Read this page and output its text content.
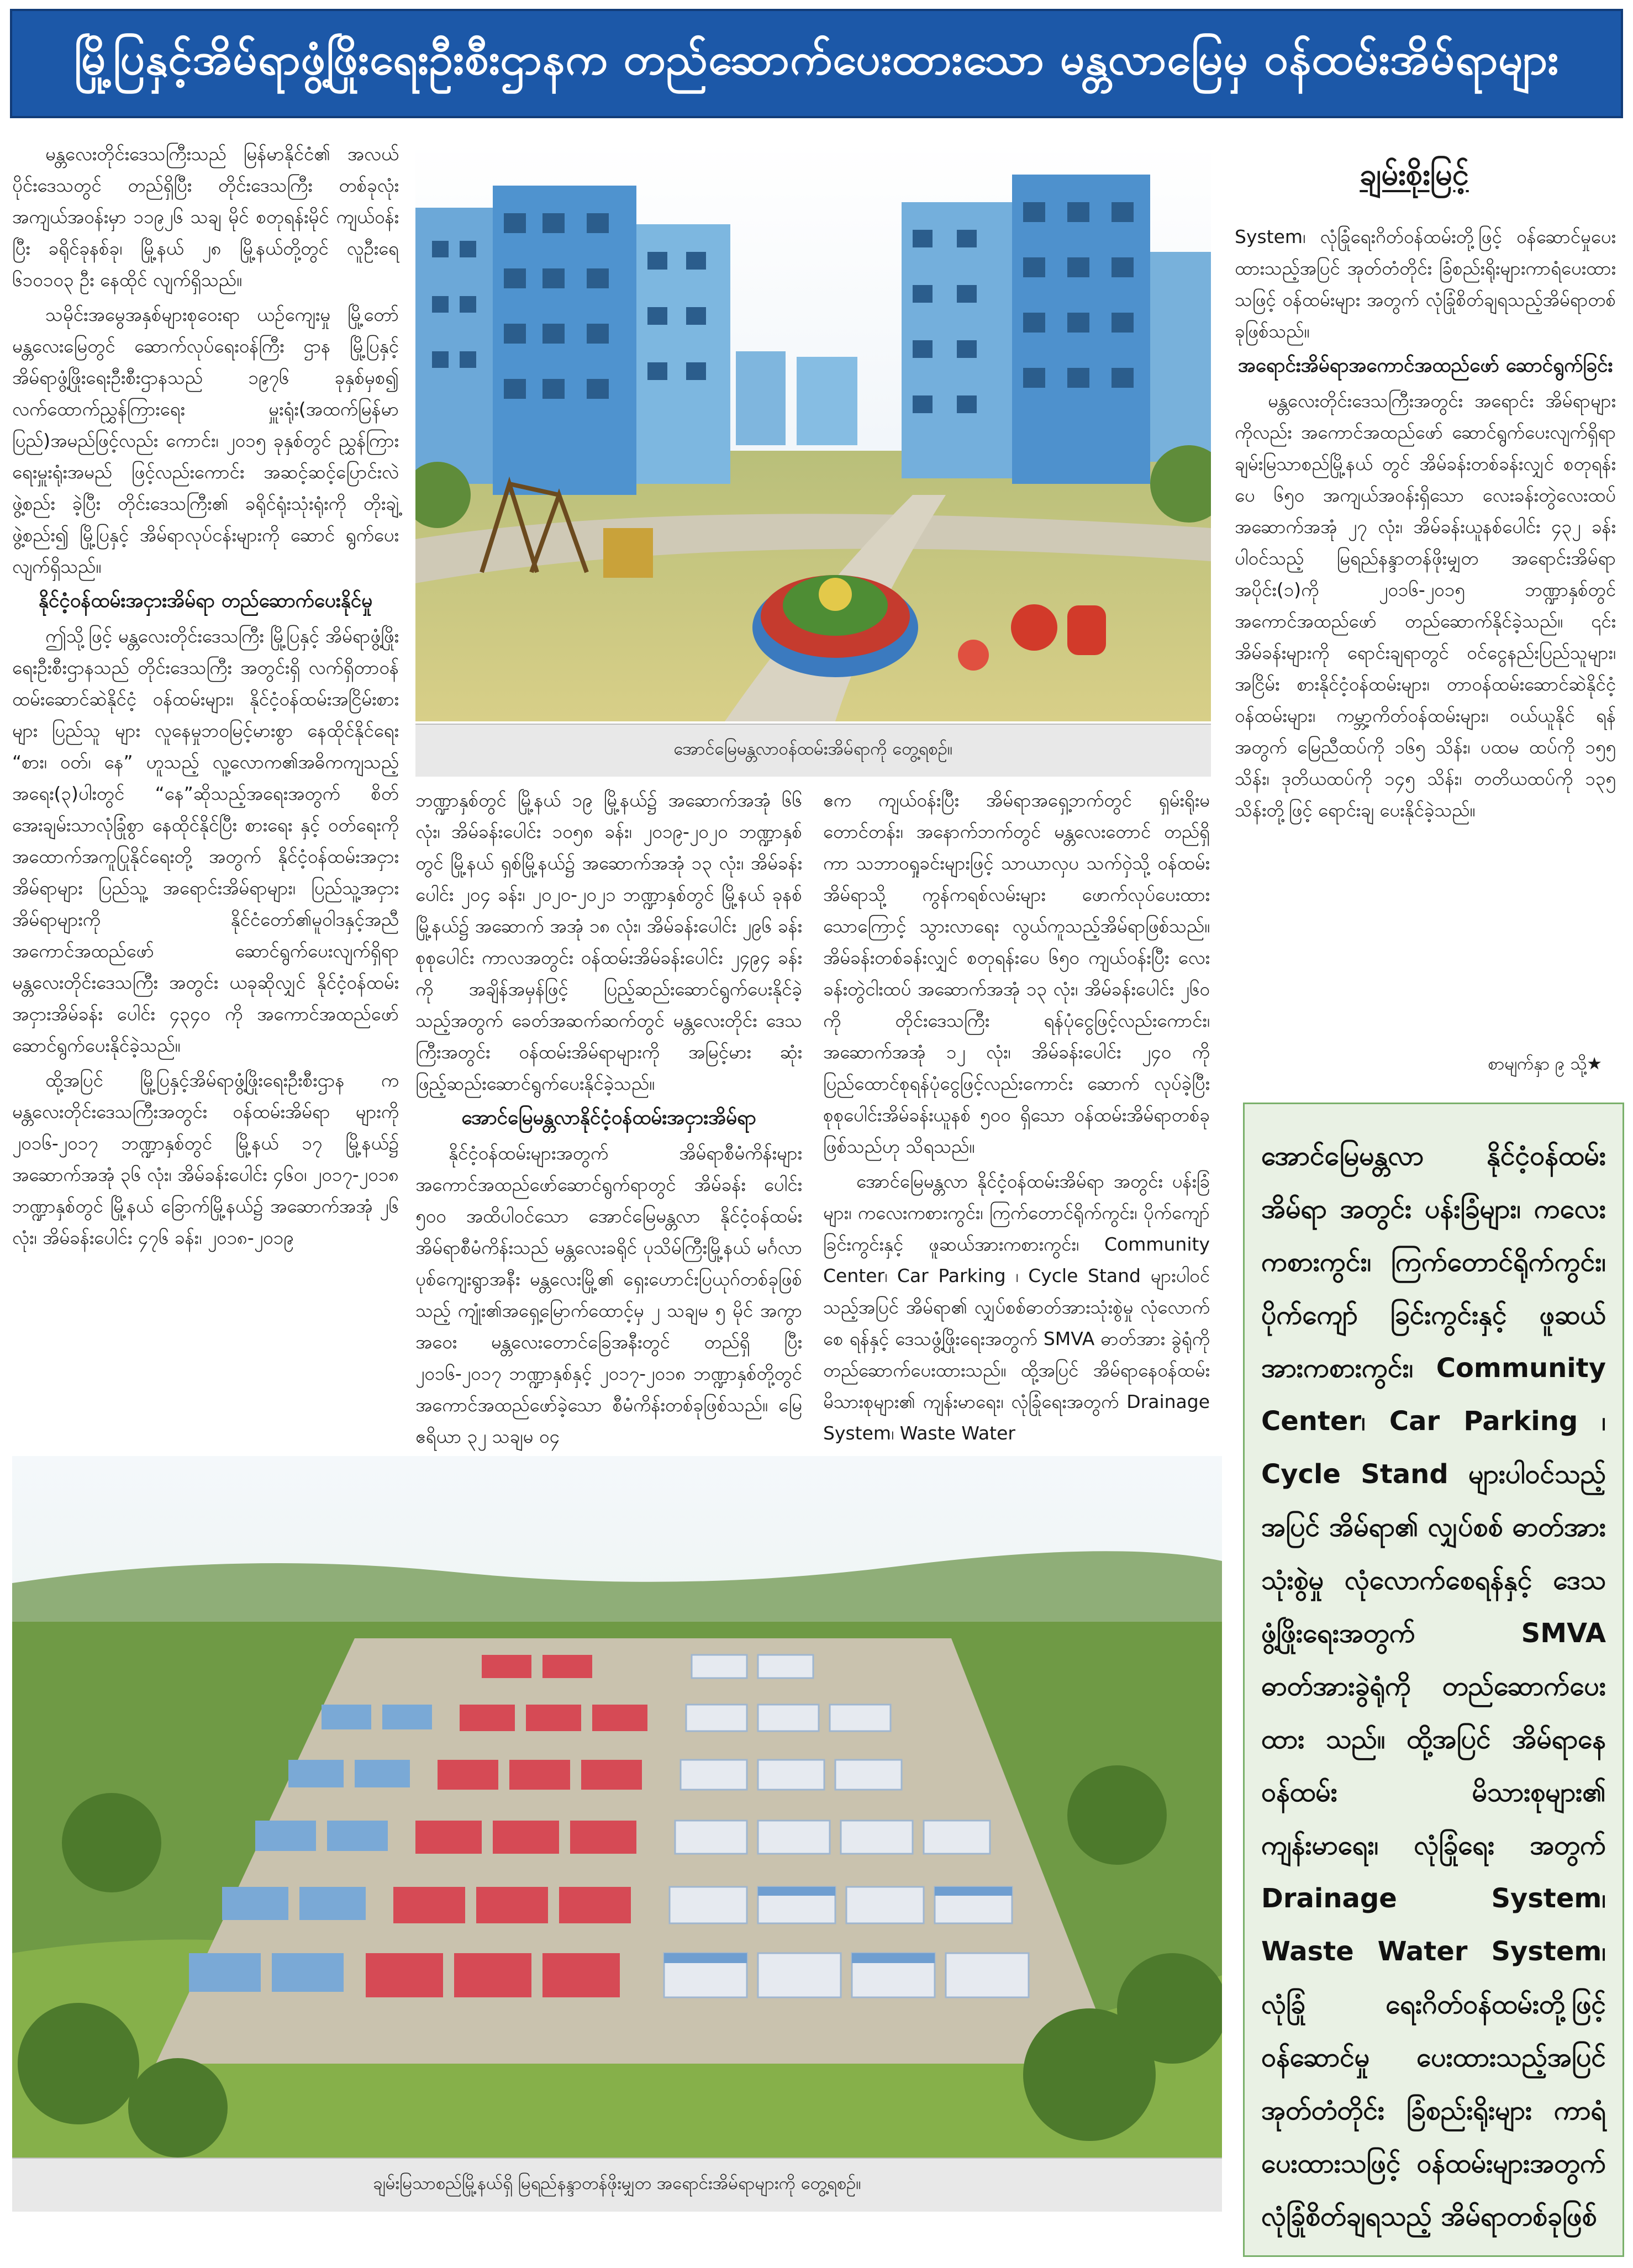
မြို့ပြနှင့်အိမ်ရာဖွံ့ဖြိုးရေးဦးစီးဌာနက တည်ဆောက်ပေးထားသော မန္တလာမြေမှ ဝန်ထမ်းအိမ်ရာများ

မန္တလေးတိုင်းဒေသကြီးသည် မြန်မာနိုင်ငံ၏ အလယ်ပိုင်းဒေသတွင် တည်ရှိပြီး တိုင်းဒေသကြီး တစ်ခုလုံးအကျယ်အဝန်းမှာ ၁၁၉၂၆ သချ မိုင် စတုရန်းမိုင် ကျယ်ဝန်းပြီး ခရိုင်ခုနစ်ခု၊ မြို့နယ် ၂၈ မြို့နယ်တို့တွင် လူဦးရေ ၆၁၀၁၀၃ ဦး နေထိုင် လျက်ရှိသည်။

သမိုင်းအမွေအနှစ်များစုဝေးရာ ယဉ်ကျေးမှု မြို့တော် မန္တလေးမြေတွင် ဆောက်လုပ်ရေးဝန်ကြီး ဌာန မြို့ပြနှင့်အိမ်ရာဖွံ့ဖြိုးရေးဦးစီးဌာနသည် ၁၉၇၆ ခုနှစ်မှစ၍ လက်ထောက်ညွှန်ကြားရေး မှူးရုံး(အထက်မြန်မာပြည်)အမည်ဖြင့်လည်း ကောင်း၊ ၂၀၁၅ ခုနှစ်တွင် ညွှန်ကြားရေးမှူးရုံးအမည် ဖြင့်လည်းကောင်း အဆင့်ဆင့်ပြောင်းလဲဖွဲ့စည်း ခဲ့ပြီး တိုင်းဒေသကြီး၏ ခရိုင်ရုံးသုံးရုံးကို တိုးချဲ့ ဖွဲ့စည်း၍ မြို့ပြနှင့် အိမ်ရာလုပ်ငန်းများကို ဆောင် ရွက်ပေးလျက်ရှိသည်။

နိုင်ငံ့ဝန်ထမ်းအငှားအိမ်ရာ တည်ဆောက်ပေးနိုင်မှု

ဤသို့ဖြင့် မန္တလေးတိုင်းဒေသကြီး မြို့ပြနှင့် အိမ်ရာဖွံ့ဖြိုးရေးဦးစီးဌာနသည် တိုင်းဒေသကြီး အတွင်းရှိ လက်ရှိတာဝန်ထမ်းဆောင်ဆဲနိုင်ငံ့ ဝန်ထမ်းများ၊ နိုင်ငံ့ဝန်ထမ်းအငြိမ်းစားများ ပြည်သူ များ လူနေမှုဘဝမြင့်မားစွာ နေထိုင်နိုင်ရေး “စား၊ ဝတ်၊ နေ” ဟူသည့် လူ့လောက၏အဓိကကျသည့် အရေး(၃)ပါးတွင် “နေ”ဆိုသည့်အရေးအတွက် စိတ်အေးချမ်းသာလုံခြုံစွာ နေထိုင်နိုင်ပြီး စားရေး နှင့် ဝတ်ရေးကို အထောက်အကူပြုနိုင်ရေးတို့ အတွက် နိုင်ငံ့ဝန်ထမ်းအငှားအိမ်ရာများ ပြည်သူ့ အရောင်းအိမ်ရာများ၊ ပြည်သူ့အငှားအိမ်ရာများကို နိုင်ငံတော်၏မူဝါဒနှင့်အညီ အကောင်အထည်ဖော် ဆောင်ရွက်ပေးလျက်ရှိရာ မန္တလေးတိုင်းဒေသကြီး အတွင်း ယခုဆိုလျှင် နိုင်ငံ့ဝန်ထမ်းအငှားအိမ်ခန်း ပေါင်း ၄၃၄၀ ကို အကောင်အထည်ဖော် ဆောင်ရွက်ပေးနိုင်ခဲ့သည်။

ထို့အပြင် မြို့ပြနှင့်အိမ်ရာဖွံ့ဖြိုးရေးဦးစီးဌာန က မန္တလေးတိုင်းဒေသကြီးအတွင်း ဝန်ထမ်းအိမ်ရာ များကို ၂၀၁၆-၂၀၁၇ ဘဏ္ဍာနှစ်တွင် မြို့နယ် ၁၇ မြို့နယ်၌ အဆောက်အအုံ ၃၆ လုံး၊ အိမ်ခန်းပေါင်း ၄၆၀၊ ၂၀၁၇-၂၀၁၈ ဘဏ္ဍာနှစ်တွင် မြို့နယ် ခြောက်မြို့နယ်၌ အဆောက်အအုံ ၂၆ လုံး၊ အိမ်ခန်းပေါင်း ၄၇၆ ခန်း၊ ၂၀၁၈-၂၀၁၉

အောင်မြေမန္တလာဝန်ထမ်းအိမ်ရာကို တွေ့ရစဉ်။

ဘဏ္ဍာနှစ်တွင် မြို့နယ် ၁၉ မြို့နယ်၌ အဆောက်အအုံ ၆၆ လုံး၊ အိမ်ခန်းပေါင်း ၁၀၅၈ ခန်း၊ ၂၀၁၉-၂၀၂၀ ဘဏ္ဍာနှစ်တွင် မြို့နယ် ရှစ်မြို့နယ်၌ အဆောက်အအုံ ၁၃ လုံး၊ အိမ်ခန်းပေါင်း ၂၀၄ ခန်း၊ ၂၀၂၀-၂၀၂၁ ဘဏ္ဍာနှစ်တွင် မြို့နယ် ခုနစ်မြို့နယ်၌ အဆောက် အအုံ ၁၈ လုံး၊ အိမ်ခန်းပေါင်း ၂၉၆ ခန်း စုစုပေါင်း ကာလအတွင်း ဝန်ထမ်းအိမ်ခန်းပေါင်း ၂၄၉၄ ခန်းကို အချိန်အမှန်ဖြင့် ပြည့်ဆည်းဆောင်ရွက်ပေးနိုင်ခဲ့ သည့်အတွက် ခေတ်အဆက်ဆက်တွင် မန္တလေးတိုင်း ဒေသကြီးအတွင်း ဝန်ထမ်းအိမ်ရာများကို အမြင့်မား ဆုံး ဖြည့်ဆည်းဆောင်ရွက်ပေးနိုင်ခဲ့သည်။

အောင်မြေမန္တလာနိုင်ငံ့ဝန်ထမ်းအငှားအိမ်ရာ

နိုင်ငံ့ဝန်ထမ်းများအတွက် အိမ်ရာစီမံကိန်းများ အကောင်အထည်ဖော်ဆောင်ရွက်ရာတွင် အိမ်ခန်း ပေါင်း ၅၀၀ အထိပါဝင်သော အောင်မြေမန္တလာ နိုင်ငံ့ဝန်ထမ်းအိမ်ရာစီမံကိန်းသည် မန္တလေးခရိုင် ပုသိမ်ကြီးမြို့နယ် မင်္ဂလာပုစ်ကျေးရွာအနီး မန္တလေးမြို့၏ ရှေးဟောင်းပြယုဂ်တစ်ခုဖြစ်သည့် ကျုံး၏အရှေ့မြောက်ထောင့်မှ ၂ သချမ ၅ မိုင် အကွာအဝေး မန္တလေးတောင်ခြေအနီးတွင် တည်ရှိ ပြီး ၂၀၁၆-၂၀၁၇ ဘဏ္ဍာနှစ်နှင့် ၂၀၁၇-၂၀၁၈ ဘဏ္ဍာနှစ်တို့တွင် အကောင်အထည်ဖော်ခဲ့သော စီမံကိန်းတစ်ခုဖြစ်သည်။ မြေဧရိယာ ၃၂ သချမ ၀၄

ဧက ကျယ်ဝန်းပြီး အိမ်ရာအရှေ့ဘက်တွင် ရှမ်းရိုးမ တောင်တန်း၊ အနောက်ဘက်တွင် မန္တလေးတောင် တည်ရှိကာ သဘာဝရှုခင်းများဖြင့် သာယာလှပ သက်ဝှဲသို့ ဝန်ထမ်းအိမ်ရာသို့ ကွန်ကရစ်လမ်းများ ဖောက်လုပ်ပေးထားသောကြောင့် သွားလာရေး လွယ်ကူသည့်အိမ်ရာဖြစ်သည်။ အိမ်ခန်းတစ်ခန်းလျှင် စတုရန်းပေ ၆၅၀ ကျယ်ဝန်းပြီး လေးခန်းတွဲငါးထပ် အဆောက်အအုံ ၁၃ လုံး၊ အိမ်ခန်းပေါင်း ၂၆၀ ကို တိုင်းဒေသကြီး ရန်ပုံငွေဖြင့်လည်းကောင်း၊ အဆောက်အအုံ ၁၂ လုံး၊ အိမ်ခန်းပေါင်း ၂၄၀ ကို ပြည်ထောင်စုရန်ပုံငွေဖြင့်လည်းကောင်း ဆောက် လုပ်ခဲ့ပြီး စုစုပေါင်းအိမ်ခန်းယူနစ် ၅၀၀ ရှိသော ဝန်ထမ်းအိမ်ရာတစ်ခုဖြစ်သည်ဟု သိရသည်။

အောင်မြေမန္တလာ နိုင်ငံ့ဝန်ထမ်းအိမ်ရာ အတွင်း ပန်းခြံများ၊ ကလေးကစားကွင်း၊ ကြက်တောင်ရိုက်ကွင်း၊ ပိုက်ကျော်ခြင်းကွင်းနှင့် ဖူဆယ်အားကစားကွင်း၊ Community Center၊ Car Parking ၊ Cycle Stand များပါဝင်သည့်အပြင် အိမ်ရာ၏ လျှပ်စစ်ဓာတ်အားသုံးစွဲမှု လုံလောက်စေ ရန်နှင့် ဒေသဖွံ့ဖြိုးရေးအတွက် SMVA ဓာတ်အား ခွဲရုံကို တည်ဆောက်ပေးထားသည်။ ထို့အပြင် အိမ်ရာနေဝန်ထမ်းမိသားစုများ၏ ကျန်းမာရေး၊ လုံခြုံရေးအတွက် Drainage System၊ Waste Water

ချမ်းစိုးမြင့်

System၊ လုံခြုံရေးဂိတ်ဝန်ထမ်းတို့ဖြင့် ဝန်ဆောင်မှုပေးထားသည့်အပြင် အုတ်တံတိုင်း ခြံစည်းရိုးများကာရံပေးထားသဖြင့် ဝန်ထမ်းများ အတွက် လုံခြုံစိတ်ချရသည့်အိမ်ရာတစ်ခုဖြစ်သည်။

အရောင်းအိမ်ရာအကောင်အထည်ဖော် ဆောင်ရွက်ခြင်း

မန္တလေးတိုင်းဒေသကြီးအတွင်း အရောင်း အိမ်ရာများကိုလည်း အကောင်အထည်ဖော် ဆောင်ရွက်ပေးလျက်ရှိရာ ချမ်းမြသာစည်မြို့နယ် တွင် အိမ်ခန်းတစ်ခန်းလျှင် စတုရန်းပေ ၆၅၀ အကျယ်အဝန်းရှိသော လေးခန်းတွဲလေးထပ် အဆောက်အအုံ ၂၇ လုံး၊ အိမ်ခန်းယူနစ်ပေါင်း ၄၃၂ ခန်းပါဝင်သည့် မြရည်နန္ဒာတန်ဖိုးမျှတ အရောင်းအိမ်ရာ အပိုင်း(၁)ကို ၂၀၁၆-၂၀၁၅ ဘဏ္ဍာနှစ်တွင် အကောင်အထည်ဖော် တည်ဆောက်နိုင်ခဲ့သည်။ ၎င်းအိမ်ခန်းများကို ရောင်းချရာတွင် ဝင်ငွေနည်းပြည်သူများ၊ အငြိမ်း စားနိုင်ငံ့ဝန်ထမ်းများ၊ တာဝန်ထမ်းဆောင်ဆဲနိုင်ငံ့ ဝန်ထမ်းများ၊ ကမ္ဘာ့ကိတ်ဝန်ထမ်းများ၊ ဝယ်ယူနိုင် ရန်အတွက် မြေညီထပ်ကို ၁၆၅ သိန်း၊ ပထမ ထပ်ကို ၁၅၅ သိန်း၊ ဒုတိယထပ်ကို ၁၄၅ သိန်း၊ တတိယထပ်ကို ၁၃၅ သိန်းတို့ဖြင့် ရောင်းချ ပေးနိုင်ခဲ့သည်။

စာမျက်နှာ ၉ သို့★

အောင်မြေမန္တလာ နိုင်ငံ့ဝန်ထမ်းအိမ်ရာ အတွင်း ပန်းခြံများ၊ ကလေးကစားကွင်း၊ ကြက်တောင်ရိုက်ကွင်း၊ ပိုက်ကျော် ခြင်းကွင်းနှင့် ဖူဆယ်အားကစားကွင်း၊ Community Center၊ Car Parking ၊ Cycle Stand များပါဝင်သည့်အပြင် အိမ်ရာ၏ လျှပ်စစ် ဓာတ်အားသုံးစွဲမှု လုံလောက်စေရန်နှင့် ဒေသဖွံ့ဖြိုးရေးအတွက် SMVA ဓာတ်အားခွဲရုံကို တည်ဆောက်ပေးထား သည်။ ထို့အပြင် အိမ်ရာနေဝန်ထမ်း မိသားစုများ၏ ကျန်းမာရေး၊ လုံခြုံရေး အတွက် Drainage System၊ Waste Water System၊ လုံခြုံ ရေးဂိတ်ဝန်ထမ်းတို့ဖြင့် ဝန်ဆောင်မှု ပေးထားသည့်အပြင် အုတ်တံတိုင်း ခြံစည်းရိုးများ ကာရံပေးထားသဖြင့် ဝန်ထမ်းများအတွက် လုံခြုံစိတ်ချရသည့် အိမ်ရာတစ်ခုဖြစ်

ချမ်းမြသာစည်မြို့နယ်ရှိ မြရည်နန္ဒာတန်ဖိုးမျှတ အရောင်းအိမ်ရာများကို တွေ့ရစဉ်။
